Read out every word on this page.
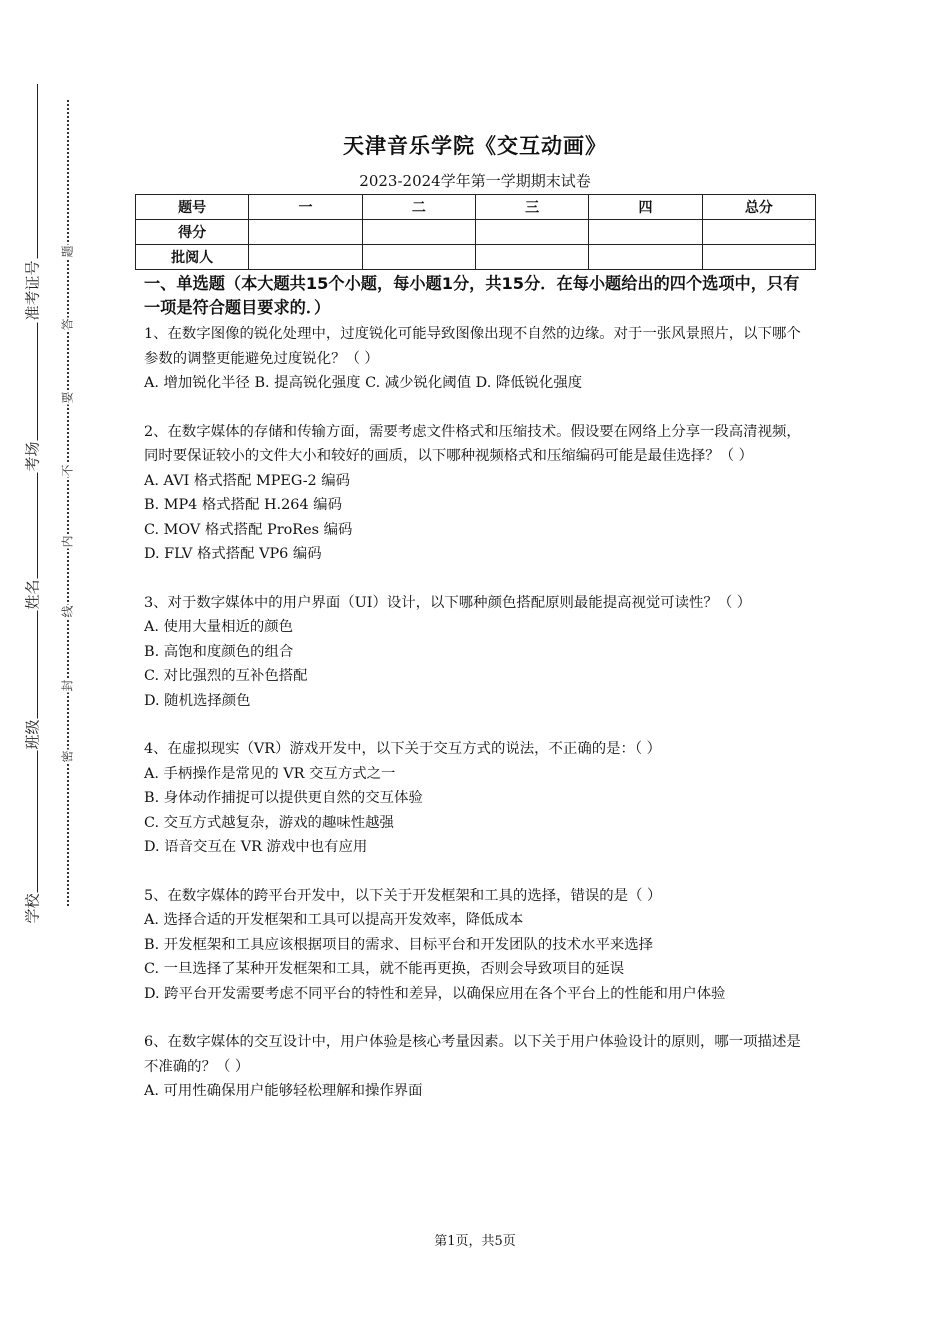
准考证号
考场
姓名
班级
学校
题
答
要
不
内
线
封
密
天津音乐学院《交互动画》
2023-2024学年第一学期期末试卷
题号	一	二	三	四	总分
得分					
批阅人					
一、单选题（本大题共15个小题，每小题1分，共15分．在每小题给出的四个选项中，只有一项是符合题目要求的．）
1、在数字图像的锐化处理中，过度锐化可能导致图像出现不自然的边缘。对于一张风景照片，以下哪个参数的调整更能避免过度锐化？（ ）
A. 增加锐化半径 B. 提高锐化强度 C. 减少锐化阈值 D. 降低锐化强度
2、在数字媒体的存储和传输方面，需要考虑文件格式和压缩技术。假设要在网络上分享一段高清视频，同时要保证较小的文件大小和较好的画质，以下哪种视频格式和压缩编码可能是最佳选择？（ ）
A. AVI 格式搭配 MPEG-2 编码
B. MP4 格式搭配 H.264 编码
C. MOV 格式搭配 ProRes 编码
D. FLV 格式搭配 VP6 编码
3、对于数字媒体中的用户界面（UI）设计，以下哪种颜色搭配原则最能提高视觉可读性？（ ）
A. 使用大量相近的颜色
B. 高饱和度颜色的组合
C. 对比强烈的互补色搭配
D. 随机选择颜色
4、在虚拟现实（VR）游戏开发中，以下关于交互方式的说法，不正确的是：（ ）
A. 手柄操作是常见的 VR 交互方式之一
B. 身体动作捕捉可以提供更自然的交互体验
C. 交互方式越复杂，游戏的趣味性越强
D. 语音交互在 VR 游戏中也有应用
5、在数字媒体的跨平台开发中，以下关于开发框架和工具的选择，错误的是（ ）
A. 选择合适的开发框架和工具可以提高开发效率，降低成本
B. 开发框架和工具应该根据项目的需求、目标平台和开发团队的技术水平来选择
C. 一旦选择了某种开发框架和工具，就不能再更换，否则会导致项目的延误
D. 跨平台开发需要考虑不同平台的特性和差异，以确保应用在各个平台上的性能和用户体验
6、在数字媒体的交互设计中，用户体验是核心考量因素。以下关于用户体验设计的原则，哪一项描述是不准确的？（ ）
A. 可用性确保用户能够轻松理解和操作界面
第1页，共5页
